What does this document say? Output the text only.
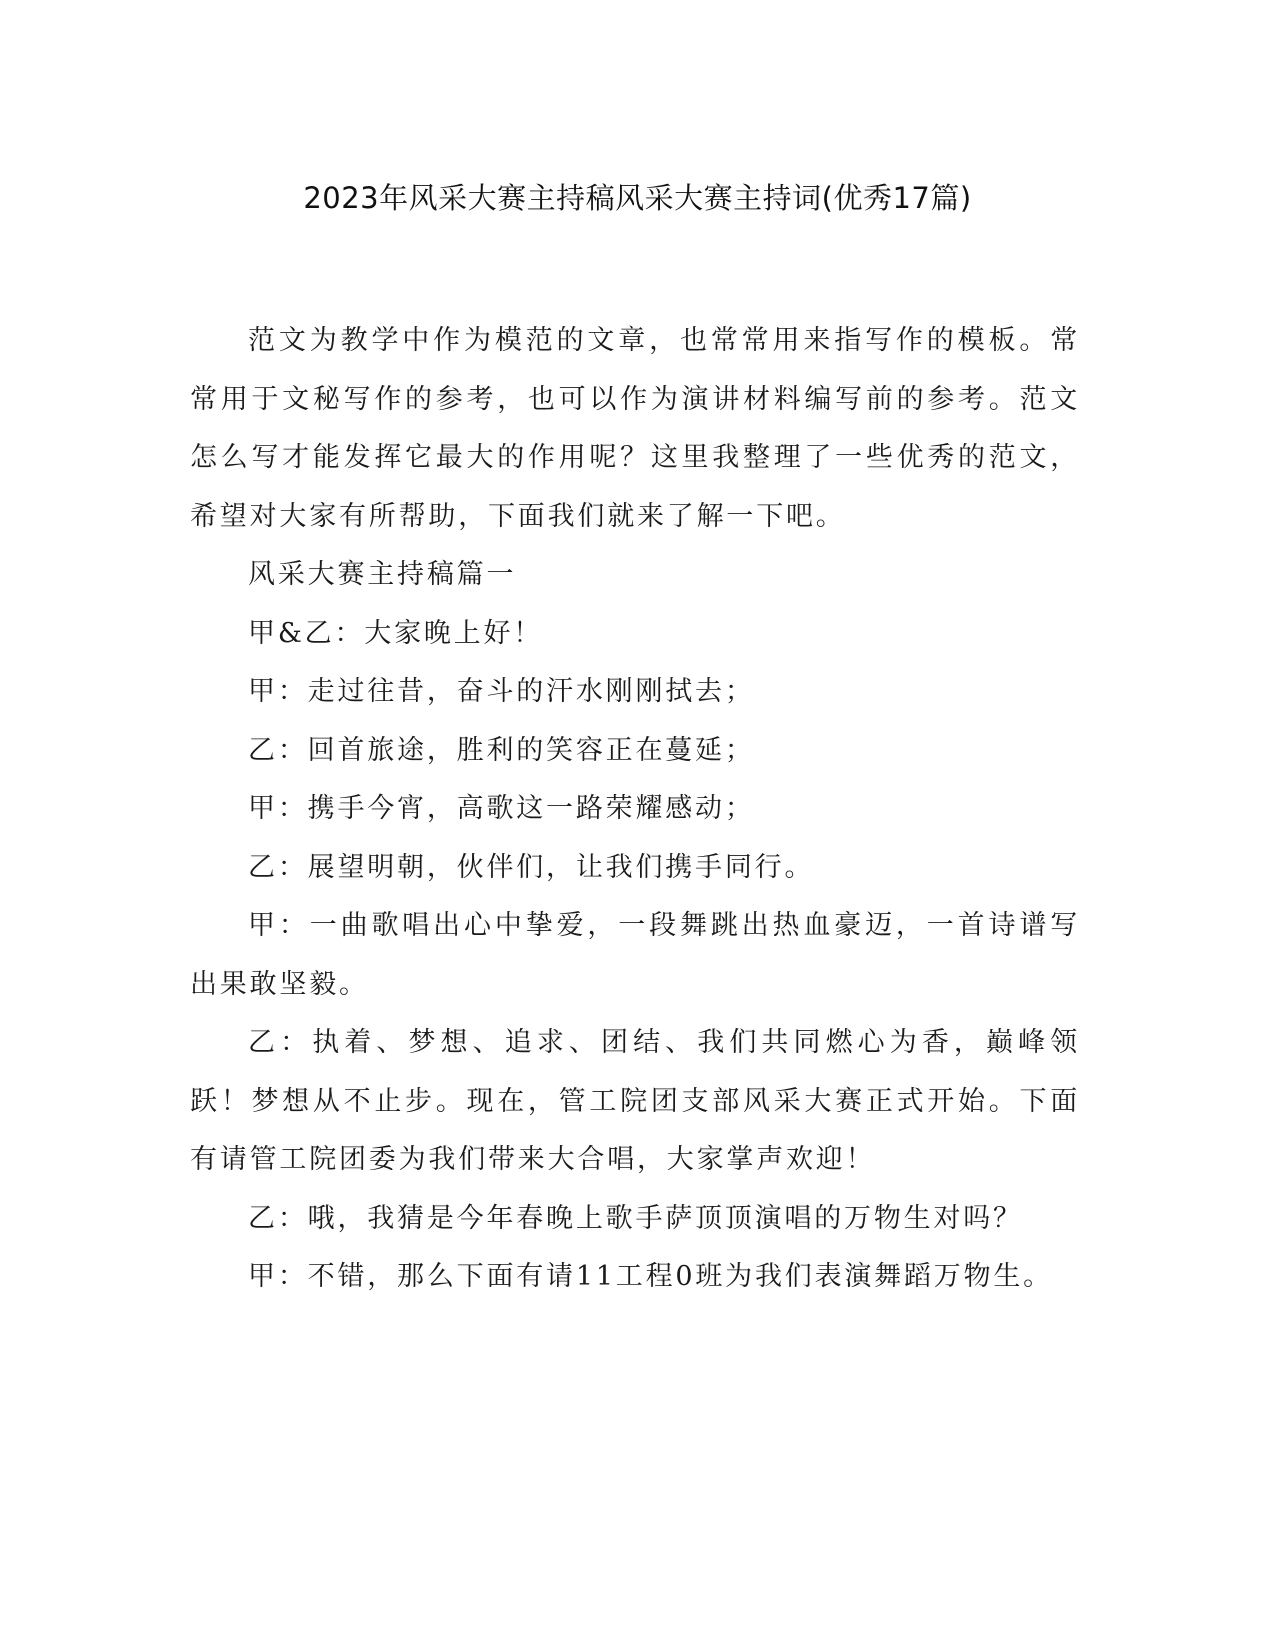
2023年风采大赛主持稿风采大赛主持词(优秀17篇)

范文为教学中作为模范的文章，也常常用来指写作的模板。常常用于文秘写作的参考，也可以作为演讲材料编写前的参考。范文怎么写才能发挥它最大的作用呢？这里我整理了一些优秀的范文，希望对大家有所帮助，下面我们就来了解一下吧。

风采大赛主持稿篇一

甲&乙：大家晚上好！

甲：走过往昔，奋斗的汗水刚刚拭去；

乙：回首旅途，胜利的笑容正在蔓延；

甲：携手今宵，高歌这一路荣耀感动；

乙：展望明朝，伙伴们，让我们携手同行。

甲：一曲歌唱出心中挚爱，一段舞跳出热血豪迈，一首诗谱写出果敢坚毅。

乙：执着、梦想、追求、团结、我们共同燃心为香，巅峰领跃！梦想从不止步。现在，管工院团支部风采大赛正式开始。下面有请管工院团委为我们带来大合唱，大家掌声欢迎！

乙：哦，我猜是今年春晚上歌手萨顶顶演唱的万物生对吗？

甲：不错，那么下面有请11工程0班为我们表演舞蹈万物生。
